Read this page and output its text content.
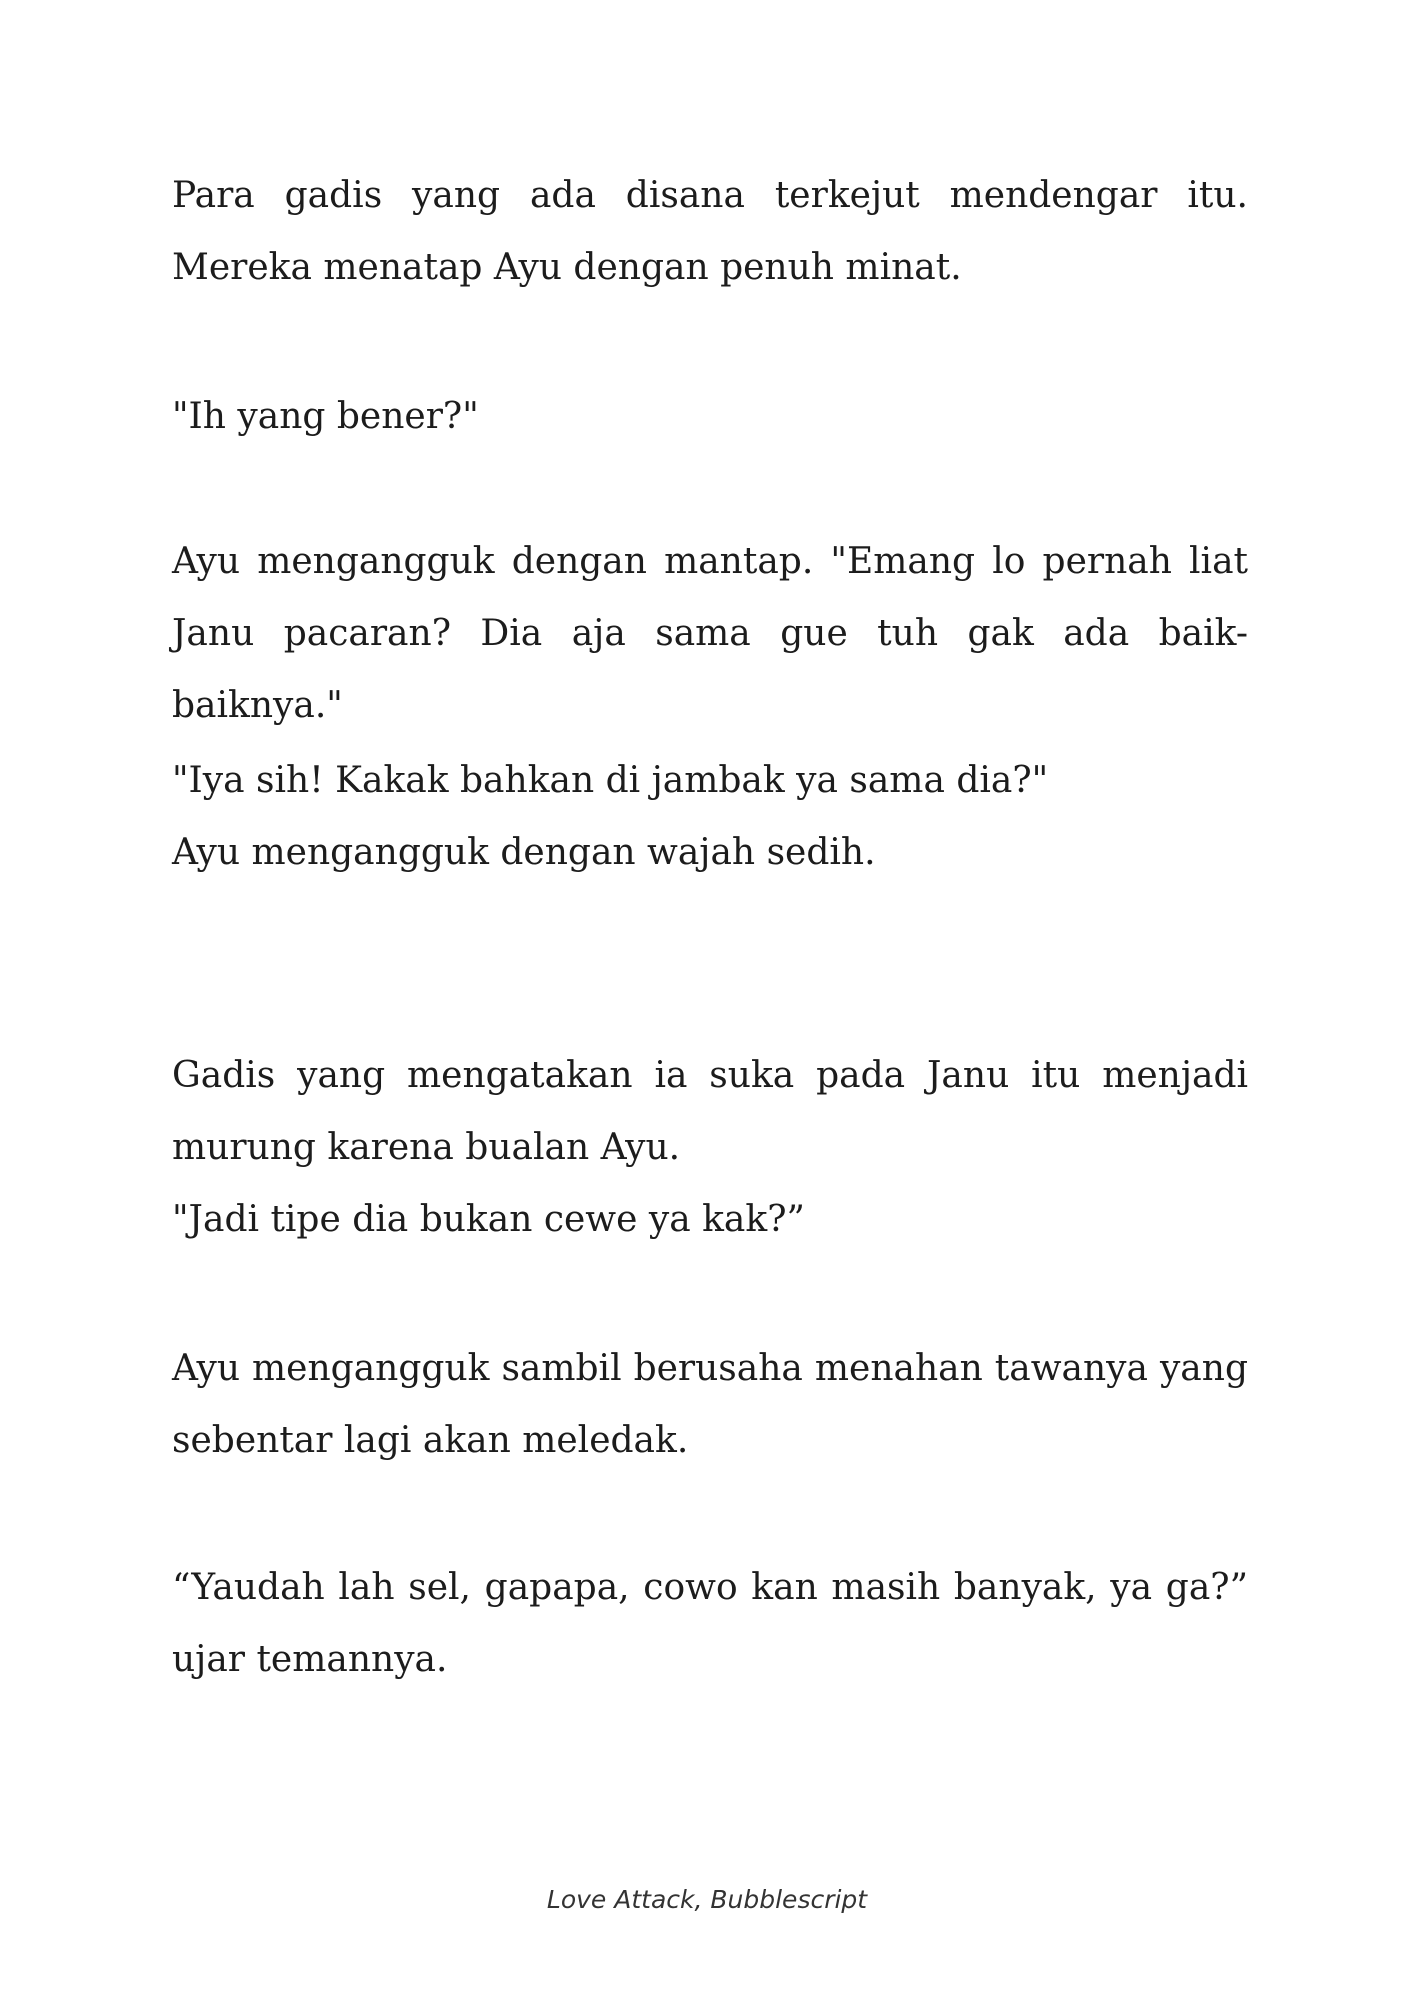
Para gadis yang ada disana terkejut mendengar itu. Mereka menatap Ayu dengan penuh minat.

"Ih yang bener?"

Ayu mengangguk dengan mantap. "Emang lo pernah liat Janu pacaran? Dia aja sama gue tuh gak ada baik-baiknya."

"Iya sih! Kakak bahkan di jambak ya sama dia?"

Ayu mengangguk dengan wajah sedih.

Gadis yang mengatakan ia suka pada Janu itu menjadi murung karena bualan Ayu.

"Jadi tipe dia bukan cewe ya kak?”

Ayu mengangguk sambil berusaha menahan tawanya yang sebentar lagi akan meledak.

“Yaudah lah sel, gapapa, cowo kan masih banyak, ya ga?” ujar temannya.

Love Attack, Bubblescript
